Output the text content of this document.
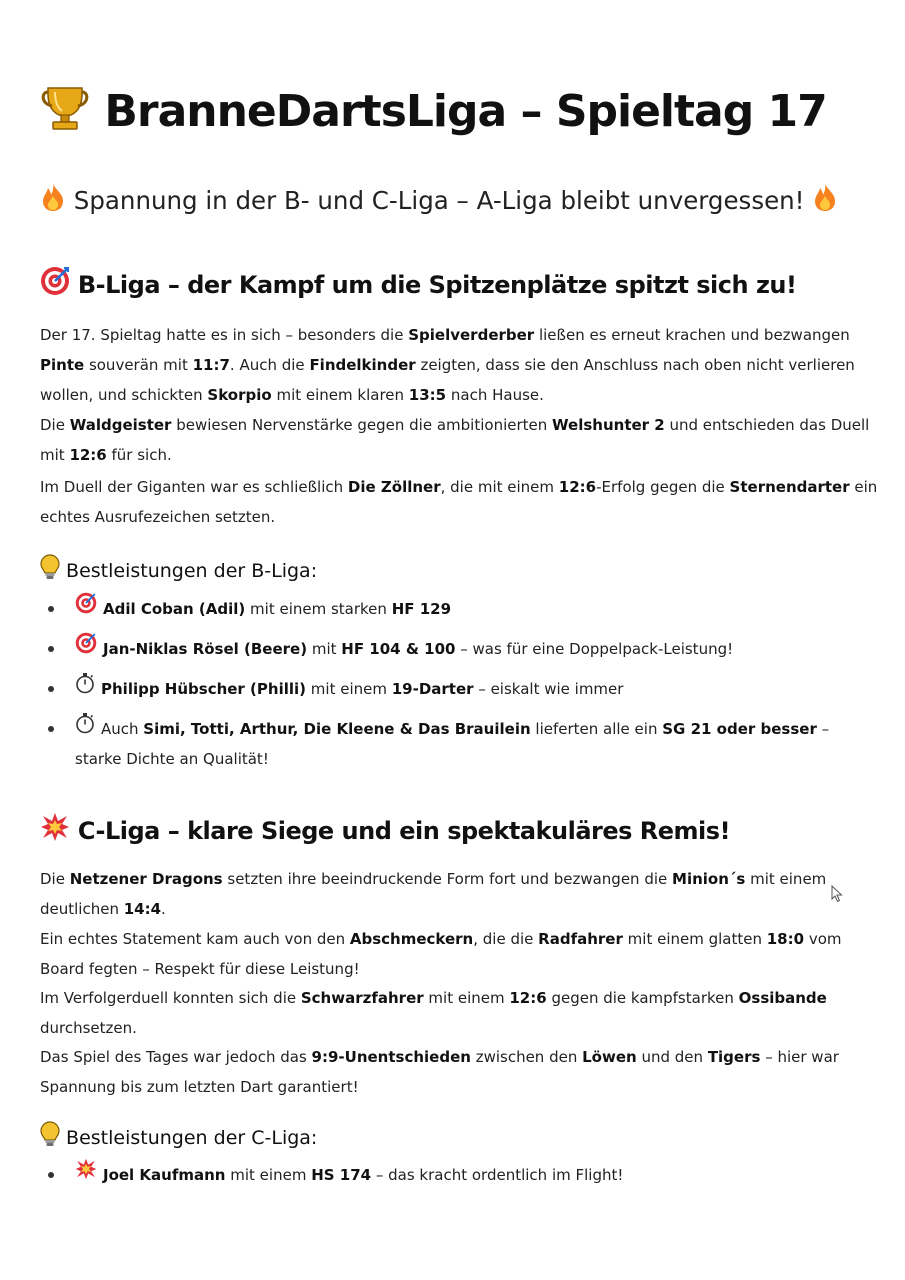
BranneDartsLiga – Spieltag 17

Spannung in der B- und C-Liga – A-Liga bleibt unvergessen!

B-Liga – der Kampf um die Spitzenplätze spitzt sich zu!
Der 17. Spieltag hatte es in sich – besonders die Spielverderber ließen es erneut krachen und bezwangen Pinte souverän mit 11:7. Auch die Findelkinder zeigten, dass sie den Anschluss nach oben nicht verlieren wollen, und schickten Skorpio mit einem klaren 13:5 nach Hause.
Die Waldgeister bewiesen Nervenstärke gegen die ambitionierten Welshunter 2 und entschieden das Duell mit 12:6 für sich.
Im Duell der Giganten war es schließlich Die Zöllner, die mit einem 12:6-Erfolg gegen die Sternendarter ein echtes Ausrufezeichen setzten.
Bestleistungen der B-Liga:
Adil Coban (Adil) mit einem starken HF 129
Jan-Niklas Rösel (Beere) mit HF 104 & 100 – was für eine Doppelpack-Leistung!
Philipp Hübscher (Philli) mit einem 19-Darter – eiskalt wie immer
Auch Simi, Totti, Arthur, Die Kleene & Das Brauilein lieferten alle ein SG 21 oder besser – starke Dichte an Qualität!
C-Liga – klare Siege und ein spektakuläres Remis!
Die Netzener Dragons setzten ihre beeindruckende Form fort und bezwangen die Minion´s mit einem deutlichen 14:4.
Ein echtes Statement kam auch von den Abschmeckern, die die Radfahrer mit einem glatten 18:0 vom Board fegten – Respekt für diese Leistung!
Im Verfolgerduell konnten sich die Schwarzfahrer mit einem 12:6 gegen die kampfstarken Ossibande durchsetzen.
Das Spiel des Tages war jedoch das 9:9-Unentschieden zwischen den Löwen und den Tigers – hier war Spannung bis zum letzten Dart garantiert!
Bestleistungen der C-Liga:
Joel Kaufmann mit einem HS 174 – das kracht ordentlich im Flight!
